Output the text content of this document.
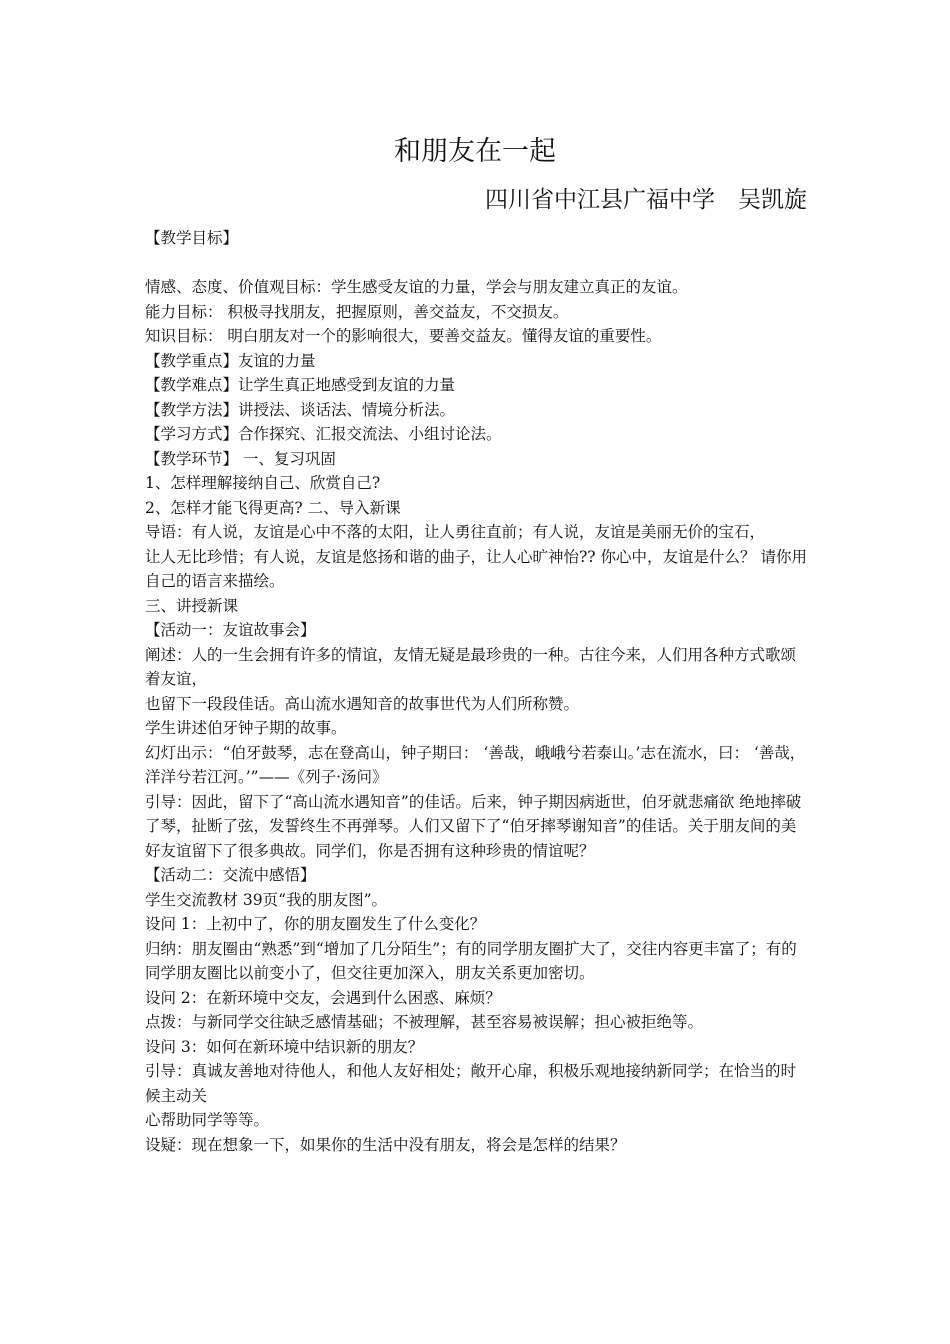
和朋友在一起
四川省中江县广福中学　吴凯旋

【教学目标】

情感、态度、价值观目标：学生感受友谊的力量，学会与朋友建立真正的友谊。

能力目标： 积极寻找朋友，把握原则，善交益友，不交损友。

知识目标： 明白朋友对一个的影响很大，要善交益友。懂得友谊的重要性。

【教学重点】友谊的力量

【教学难点】让学生真正地感受到友谊的力量

【教学方法】讲授法、谈话法、情境分析法。

【学习方式】合作探究、汇报交流法、小组讨论法。

【教学环节】 一、复习巩固

1、怎样理解接纳自己、欣赏自己?

2、怎样才能飞得更高? 二、导入新课

导语：有人说，友谊是心中不落的太阳，让人勇往直前；有人说，友谊是美丽无价的宝石，

让人无比珍惜；有人说，友谊是悠扬和谐的曲子，让人心旷神怡?? 你心中，友谊是什么？ 请你用自己的语言来描绘。

三、讲授新课

【活动一：友谊故事会】

阐述：人的一生会拥有许多的情谊，友情无疑是最珍贵的一种。古往今来，人们用各种方式歌颂着友谊，

也留下一段段佳话。高山流水遇知音的故事世代为人们所称赞。

学生讲述伯牙钟子期的故事。

幻灯出示：“伯牙鼓琴，志在登高山，钟子期曰： ‘善哉，峨峨兮若泰山。’志在流水，曰： ‘善哉，洋洋兮若江河。’”——《列子·汤问》

引导：因此，留下了“高山流水遇知音”的佳话。后来，钟子期因病逝世，伯牙就悲痛欲 绝地摔破了琴，扯断了弦，发誓终生不再弹琴。人们又留下了“伯牙摔琴谢知音”的佳话。关于朋友间的美好友谊留下了很多典故。同学们，你是否拥有这种珍贵的情谊呢？

【活动二：交流中感悟】

学生交流教材 39页“我的朋友图”。

设问 1：上初中了，你的朋友圈发生了什么变化？

归纳：朋友圈由“熟悉”到“增加了几分陌生”；有的同学朋友圈扩大了，交往内容更丰富了；有的同学朋友圈比以前变小了，但交往更加深入，朋友关系更加密切。

设问 2：在新环境中交友，会遇到什么困惑、麻烦？

点拨：与新同学交往缺乏感情基础；不被理解，甚至容易被误解；担心被拒绝等。

设问 3：如何在新环境中结识新的朋友？

引导：真诚友善地对待他人，和他人友好相处；敞开心扉，积极乐观地接纳新同学；在恰当的时候主动关

心帮助同学等等。

设疑：现在想象一下，如果你的生活中没有朋友，将会是怎样的结果？
